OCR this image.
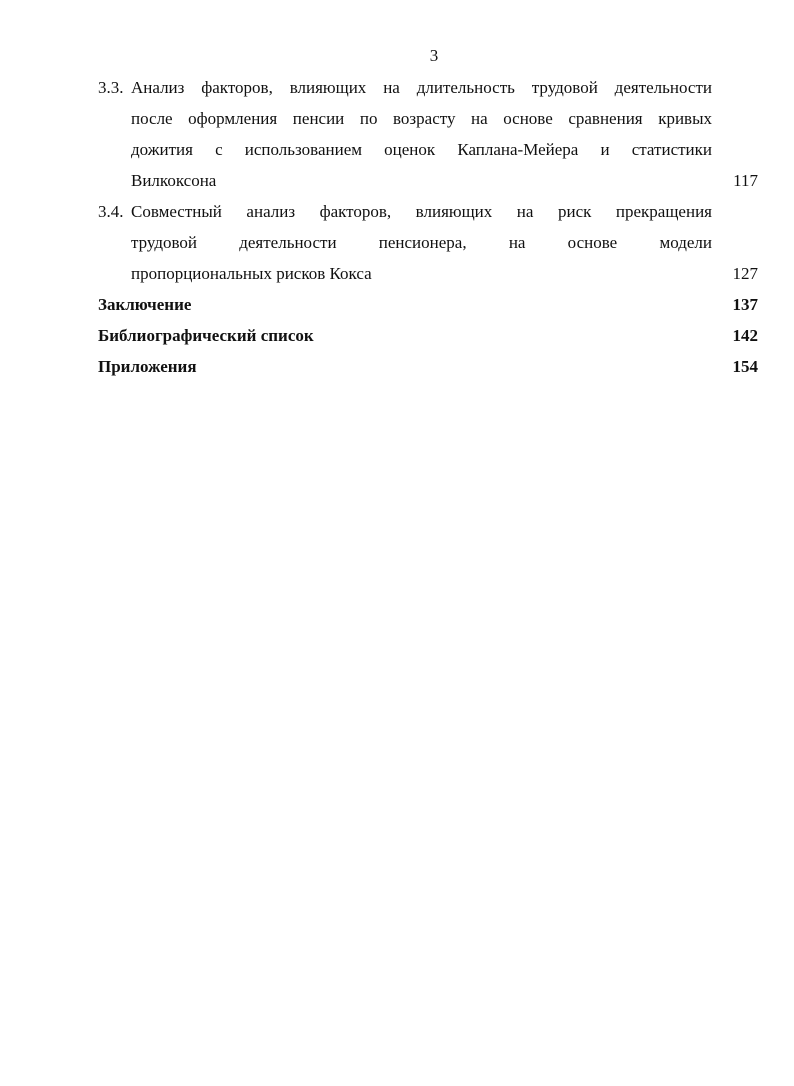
3
3.3. Анализ факторов, влияющих на длительность трудовой деятельности
после оформления пенсии по возрасту на основе сравнения кривых
дожития с использованием оценок Каплана-Мейера и статистики
Вилкоксона	117
3.4. Совместный анализ факторов, влияющих на риск прекращения
трудовой деятельности пенсионера, на основе модели
пропорциональных рисков Кокса	127
Заключение	137
Библиографический список	142
Приложения	154
